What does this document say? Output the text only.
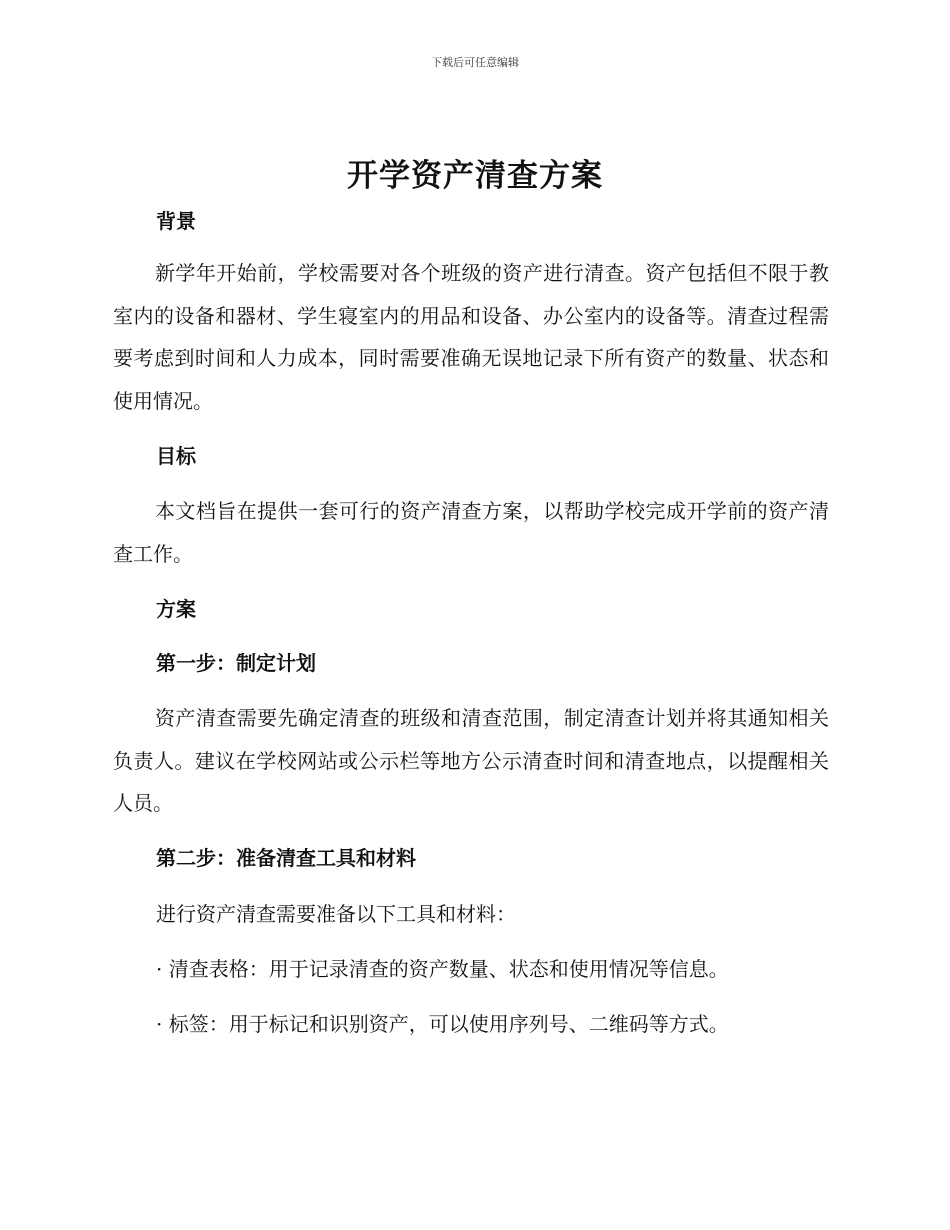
下载后可任意编辑
开学资产清查方案
背景

新学年开始前，学校需要对各个班级的资产进行清查。资产包括但不限于教室内的设备和器材、学生寝室内的用品和设备、办公室内的设备等。清查过程需要考虑到时间和人力成本，同时需要准确无误地记录下所有资产的数量、状态和使用情况。

目标

本文档旨在提供一套可行的资产清查方案，以帮助学校完成开学前的资产清查工作。

方案
第一步：制定计划

资产清查需要先确定清查的班级和清查范围，制定清查计划并将其通知相关负责人。建议在学校网站或公示栏等地方公示清查时间和清查地点，以提醒相关人员。

第二步：准备清查工具和材料

进行资产清查需要准备以下工具和材料：

· 清查表格：用于记录清查的资产数量、状态和使用情况等信息。

· 标签：用于标记和识别资产，可以使用序列号、二维码等方式。
